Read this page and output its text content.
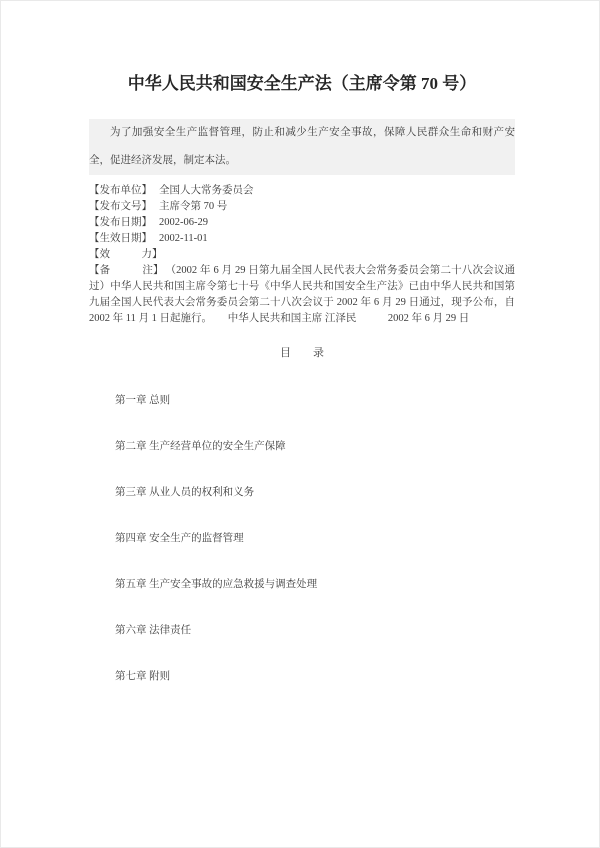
中华人民共和国安全生产法（主席令第 70 号）

为了加强安全生产监督管理，防止和减少生产安全事故，保障人民群众生命和财产安全，促进经济发展，制定本法。

【发布单位】 全国人大常务委员会

【发布文号】 主席令第 70 号

【发布日期】 2002-06-29

【生效日期】 2002-11-01

【效　　　力】

【备　　　注】 （2002 年 6 月 29 日第九届全国人民代表大会常务委员会第二十八次会议通过）中华人民共和国主席令第七十号《中华人民共和国安全生产法》已由中华人民共和国第九届全国人民代表大会常务委员会第二十八次会议于 2002 年 6 月 29 日通过，现予公布，自 2002 年 11 月 1 日起施行。　　中华人民共和国主席 江泽民　　　2002 年 6 月 29 日

目　　录

第一章 总则

第二章 生产经营单位的安全生产保障

第三章 从业人员的权利和义务

第四章 安全生产的监督管理

第五章 生产安全事故的应急救援与调查处理

第六章 法律责任

第七章 附则
